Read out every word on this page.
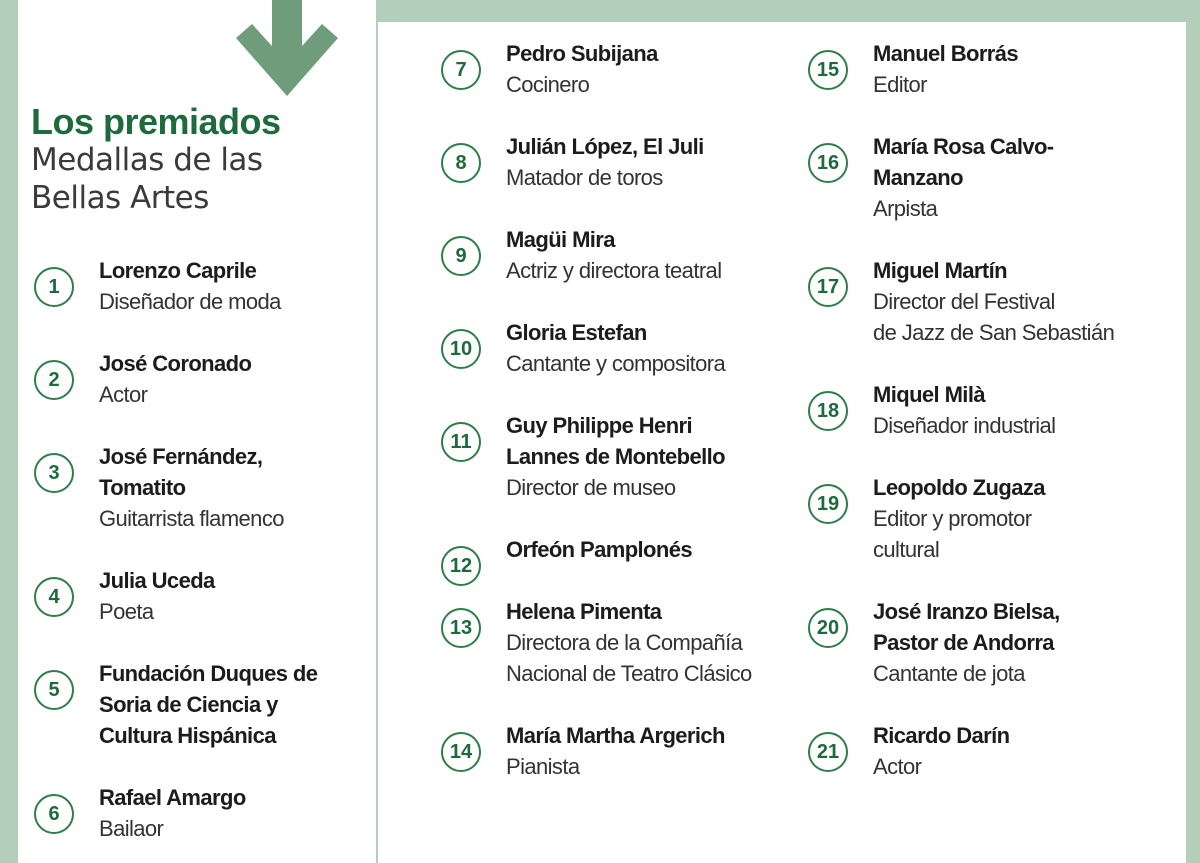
Los premiados
Medallas de las
Bellas Artes
1
Lorenzo Caprile
Diseñador de moda
2
José Coronado
Actor
3
José Fernández,
Tomatito
Guitarrista flamenco
4
Julia Uceda
Poeta
5
Fundación Duques de
Soria de Ciencia y
Cultura Hispánica
6
Rafael Amargo
Bailaor
7
Pedro Subijana
Cocinero
8
Julián López, El Juli
Matador de toros
9
Magüi Mira
Actriz y directora teatral
10
Gloria Estefan
Cantante y compositora
11
Guy Philippe Henri
Lannes de Montebello
Director de museo
12
Orfeón Pamplonés
13
Helena Pimenta
Directora de la Compañía
Nacional de Teatro Clásico
14
María Martha Argerich
Pianista
15
Manuel Borrás
Editor
16
María Rosa Calvo-
Manzano
Arpista
17
Miguel Martín
Director del Festival
de Jazz de San Sebastián
18
Miquel Milà
Diseñador industrial
19
Leopoldo Zugaza
Editor y promotor
cultural
20
José Iranzo Bielsa,
Pastor de Andorra
Cantante de jota
21
Ricardo Darín
Actor
